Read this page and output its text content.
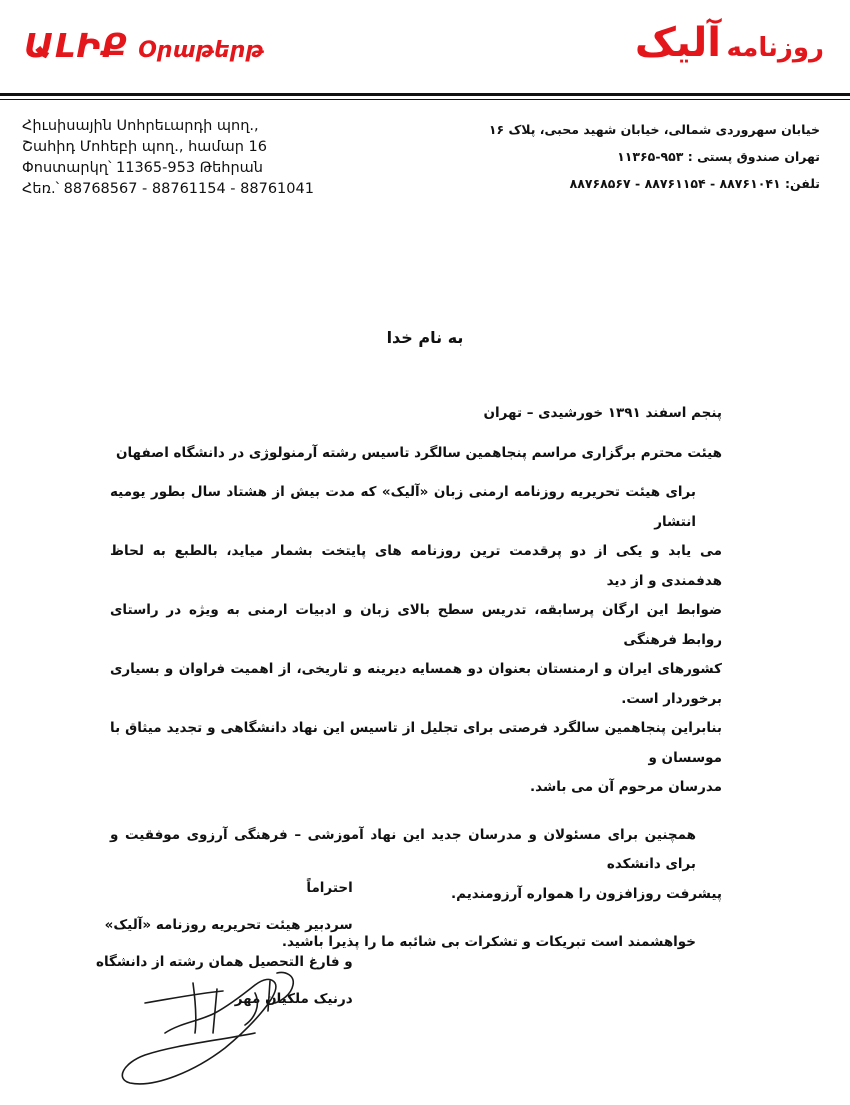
ԱԼԻՔ Օրաթերթ	روزنامه آلیک
Հիւսիսային Սոհրեւարդի պող.,
Շահիդ Մոհեբի պող., համար 16
Փոստարկղ՝ 11365-953 Թեհրան
Հեռ.՝ 88768567 - 88761154 - 88761041
خیابان سهروردی شمالی، خیابان شهید محبی، پلاک ۱۶
تهران صندوق پستی : ۹۵۳-۱۱۳۶۵
تلفن: ۸۸۷۶۱۰۴۱ - ۸۸۷۶۱۱۵۴ - ۸۸۷۶۸۵۶۷
به نام خدا
پنجم اسفند ۱۳۹۱ خورشیدی – تهران
هیئت محترم برگزاری مراسم پنجاهمین سالگرد تاسیس رشته آرمنولوژی در دانشگاه اصفهان

برای هیئت تحریریه روزنامه ارمنی زبان «آلیک» که مدت بیش از هشتاد سال بطور یومیه انتشار

می یابد و یکی از دو پرقدمت ترین روزنامه های پایتخت بشمار میاید، بالطبع به لحاظ هدفمندی و از دید

ضوابط این ارگان پرسابقه، تدریس سطح بالای زبان و ادبیات ارمنی به ویژه در راستای روابط فرهنگی

کشورهای ایران و ارمنستان بعنوان دو همسایه دیرینه و تاریخی، از اهمیت فراوان و بسیاری برخوردار است.

بنابراین پنجاهمین سالگرد فرصتی برای تجلیل از تاسیس این نهاد دانشگاهی و تجدید میثاق با موسسان و

مدرسان مرحوم آن می باشد.

همچنین برای مسئولان و مدرسان جدید این نهاد آموزشی – فرهنگی آرزوی موفقیت و برای دانشکده

پیشرفت روزافزون را همواره آرزومندیم.

خواهشمند است تبریکات و تشکرات بی شائبه ما را پذیرا باشید.
احتراماً
سردبیر هیئت تحریریه روزنامه «آلیک»
و فارغ التحصیل همان رشته از دانشگاه
درنیک ملکیان مهر
